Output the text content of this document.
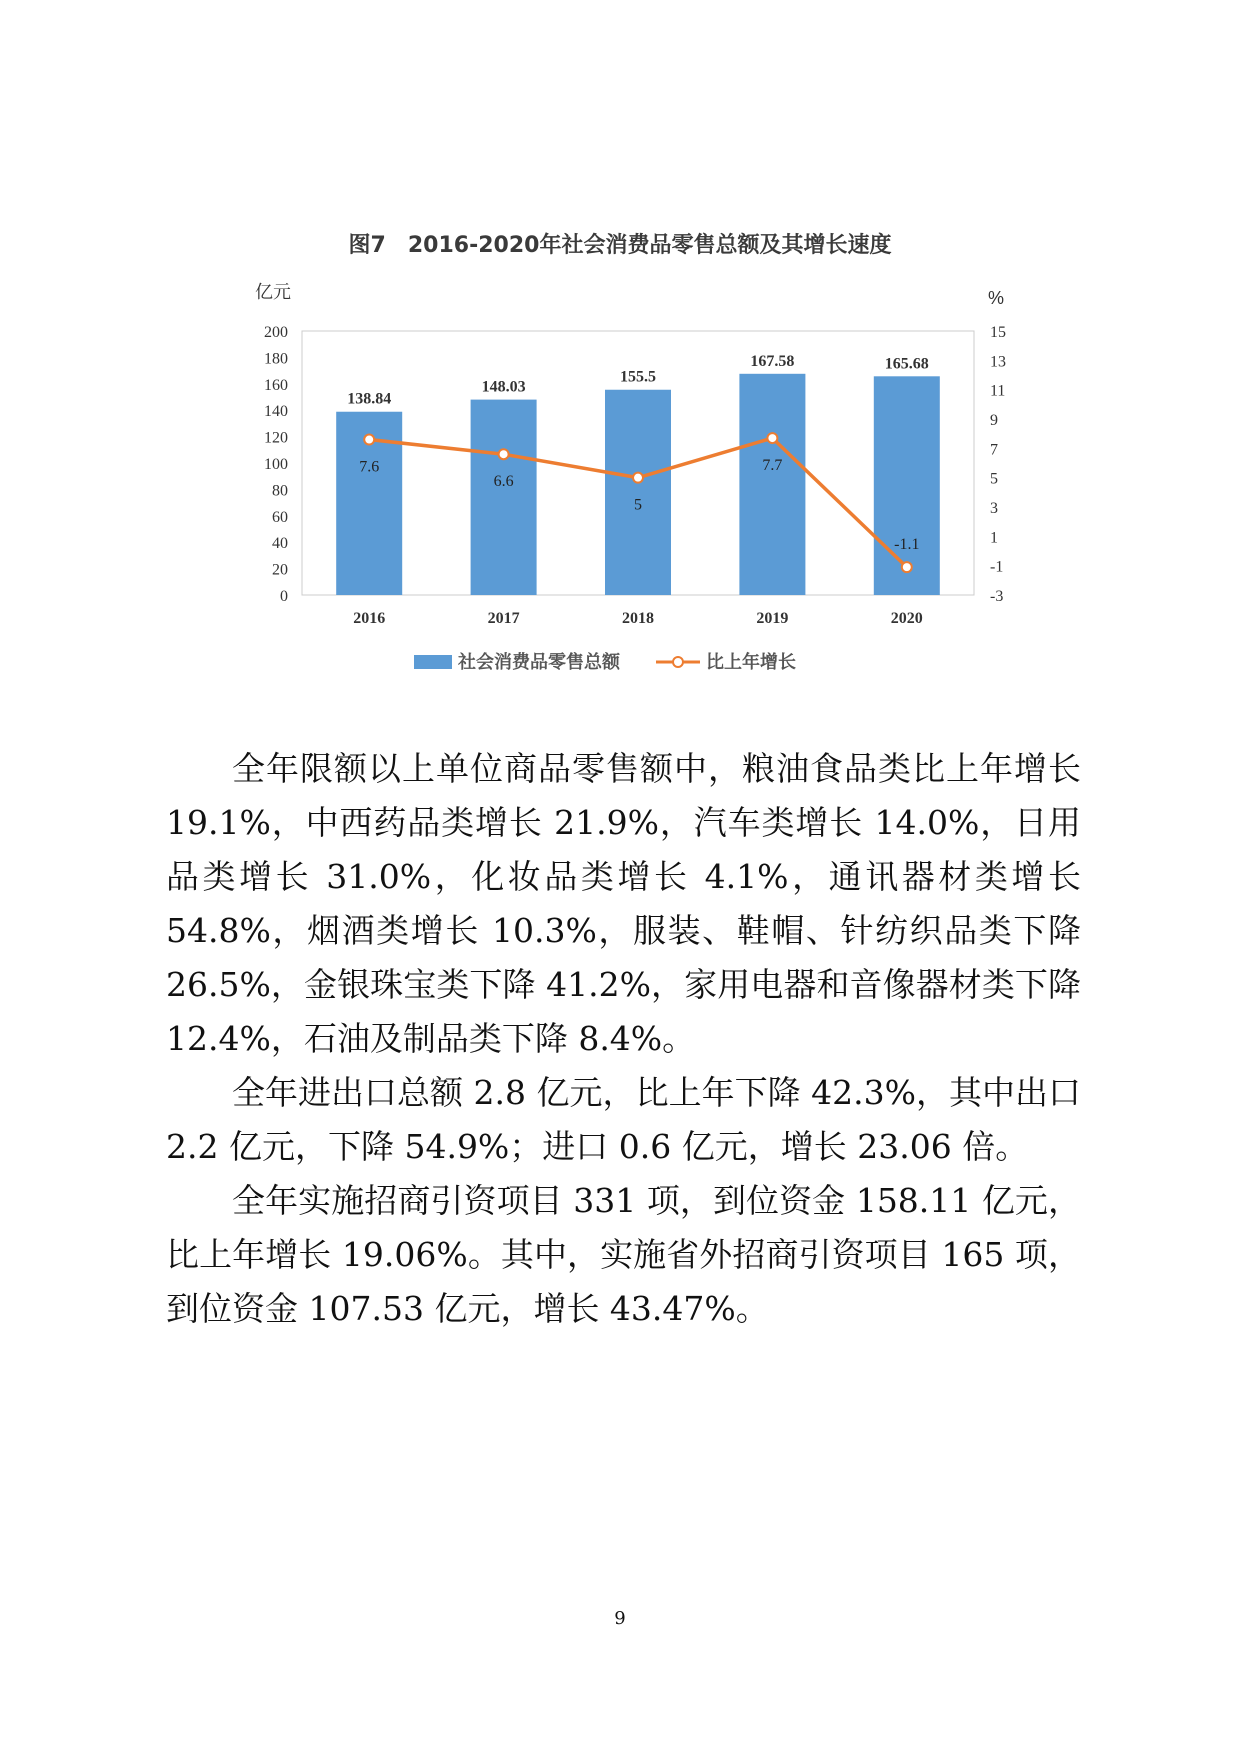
图7　2016-2020年社会消费品零售总额及其增长速度
亿元	%
200
180
160
140
120
100
80
60
40
20
0
15
13
11
9
7
5
3
1
-1
-3
138.84
148.03
155.5
167.58	165.68
7.6
6.6
5
7.7
-1.1
2016	2017	2018	2019	2020
社会消费品零售总额	比上年增长

全年限额以上单位商品零售额中，粮油食品类比上年增长19.1%，中西药品类增长 21.9%，汽车类增长 14.0%，日用品类增长 31.0%，化妆品类增长 4.1%，通讯器材类增长 54.8%，烟酒类增长 10.3%，服装、鞋帽、针纺织品类下降 26.5%，金银珠宝类下降 41.2%，家用电器和音像器材类下降 12.4%，石油及制品类下降 8.4%。

全年进出口总额 2.8 亿元，比上年下降 42.3%，其中出口 2.2 亿元，下降 54.9%；进口 0.6 亿元，增长 23.06 倍。

全年实施招商引资项目 331 项，到位资金 158.11 亿元，比上年增长 19.06%。其中，实施省外招商引资项目 165 项，到位资金 107.53 亿元，增长 43.47%。

9
